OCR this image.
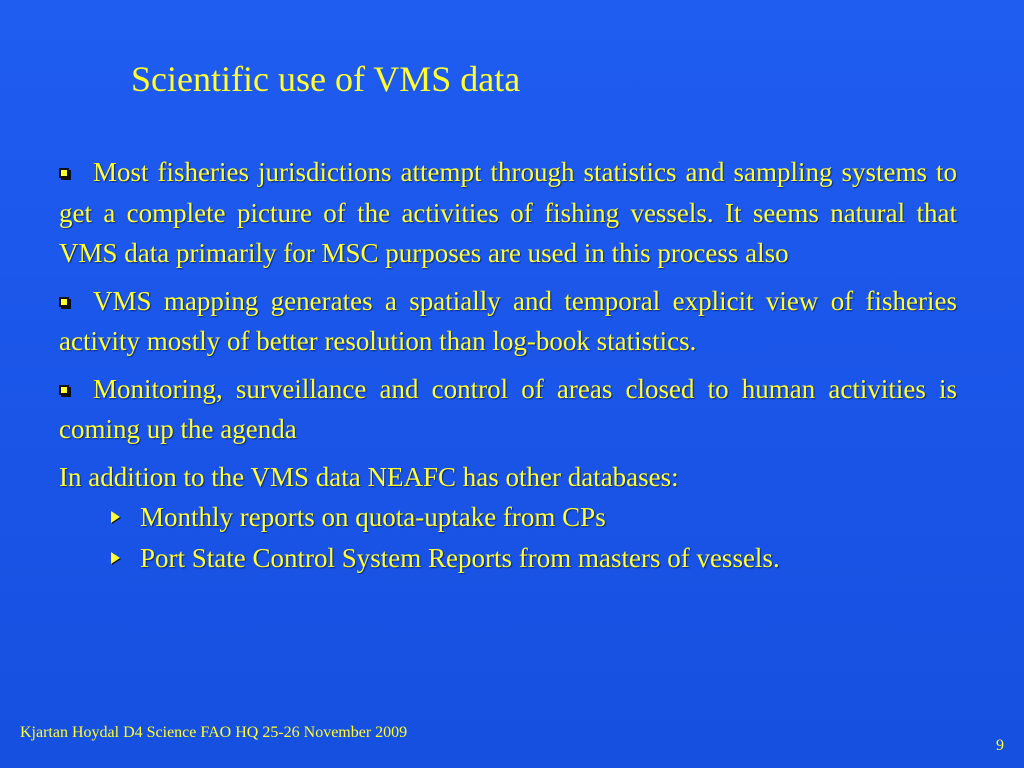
Scientific use of VMS data

Most fisheries jurisdictions attempt through statistics and sampling systems to get a complete picture of the activities of fishing vessels. It seems natural that VMS data primarily for MSC purposes are used in this process also

VMS mapping generates a spatially and temporal explicit view of fisheries activity mostly of better resolution than log-book statistics.

Monitoring, surveillance and control of areas closed to human activities is coming up the agenda

In addition to the VMS data NEAFC has other databases:

Monthly reports on quota-uptake from CPs
Port State Control System Reports from masters of vessels.
Kjartan Hoydal D4 Science FAO HQ 25-26 November 2009
9
